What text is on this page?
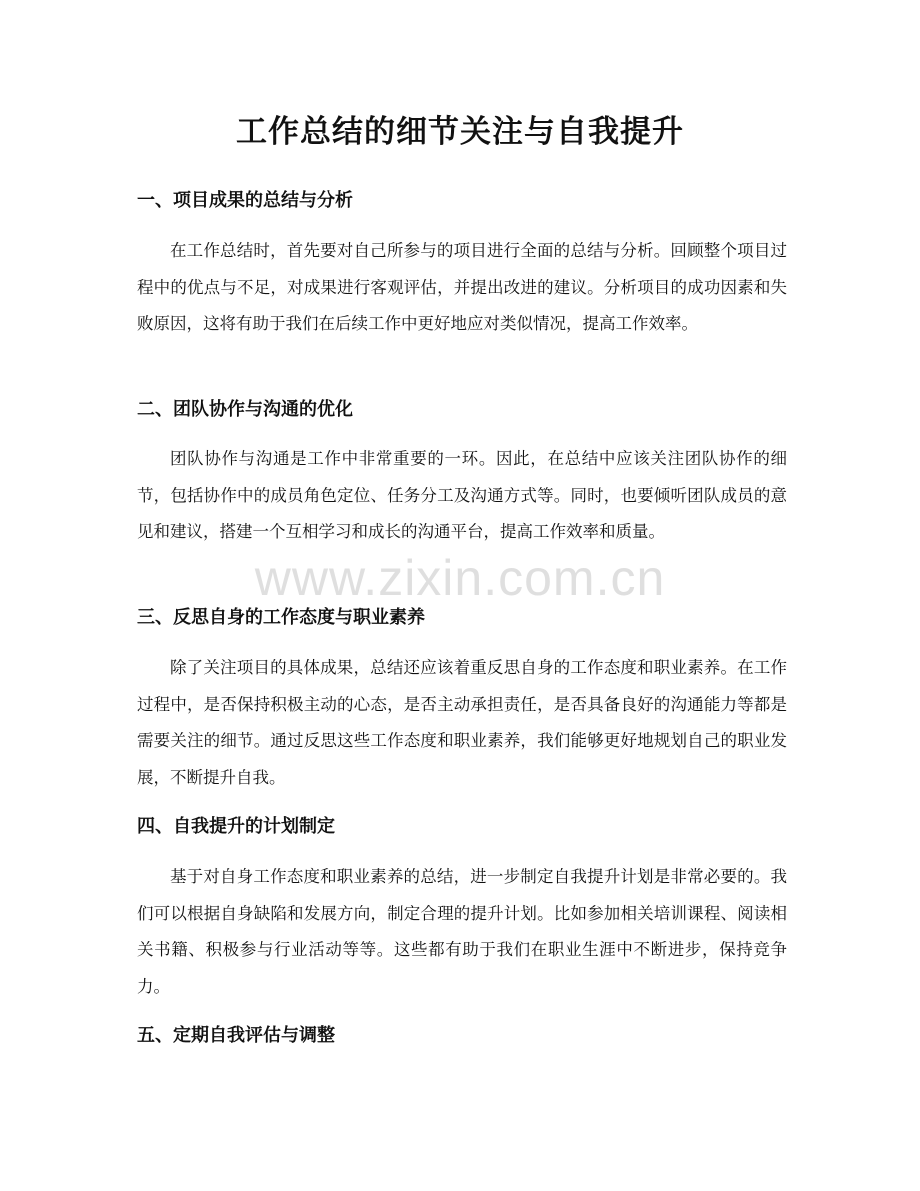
工作总结的细节关注与自我提升
一、项目成果的总结与分析

在工作总结时，首先要对自己所参与的项目进行全面的总结与分析。回顾整个项目过程中的优点与不足，对成果进行客观评估，并提出改进的建议。分析项目的成功因素和失败原因，这将有助于我们在后续工作中更好地应对类似情况，提高工作效率。

二、团队协作与沟通的优化

团队协作与沟通是工作中非常重要的一环。因此，在总结中应该关注团队协作的细节，包括协作中的成员角色定位、任务分工及沟通方式等。同时，也要倾听团队成员的意见和建议，搭建一个互相学习和成长的沟通平台，提高工作效率和质量。

三、反思自身的工作态度与职业素养

除了关注项目的具体成果，总结还应该着重反思自身的工作态度和职业素养。在工作过程中，是否保持积极主动的心态，是否主动承担责任，是否具备良好的沟通能力等都是需要关注的细节。通过反思这些工作态度和职业素养，我们能够更好地规划自己的职业发展，不断提升自我。

四、自我提升的计划制定

基于对自身工作态度和职业素养的总结，进一步制定自我提升计划是非常必要的。我们可以根据自身缺陷和发展方向，制定合理的提升计划。比如参加相关培训课程、阅读相关书籍、积极参与行业活动等等。这些都有助于我们在职业生涯中不断进步，保持竞争力。

五、定期自我评估与调整
www.zixin.com.cn
